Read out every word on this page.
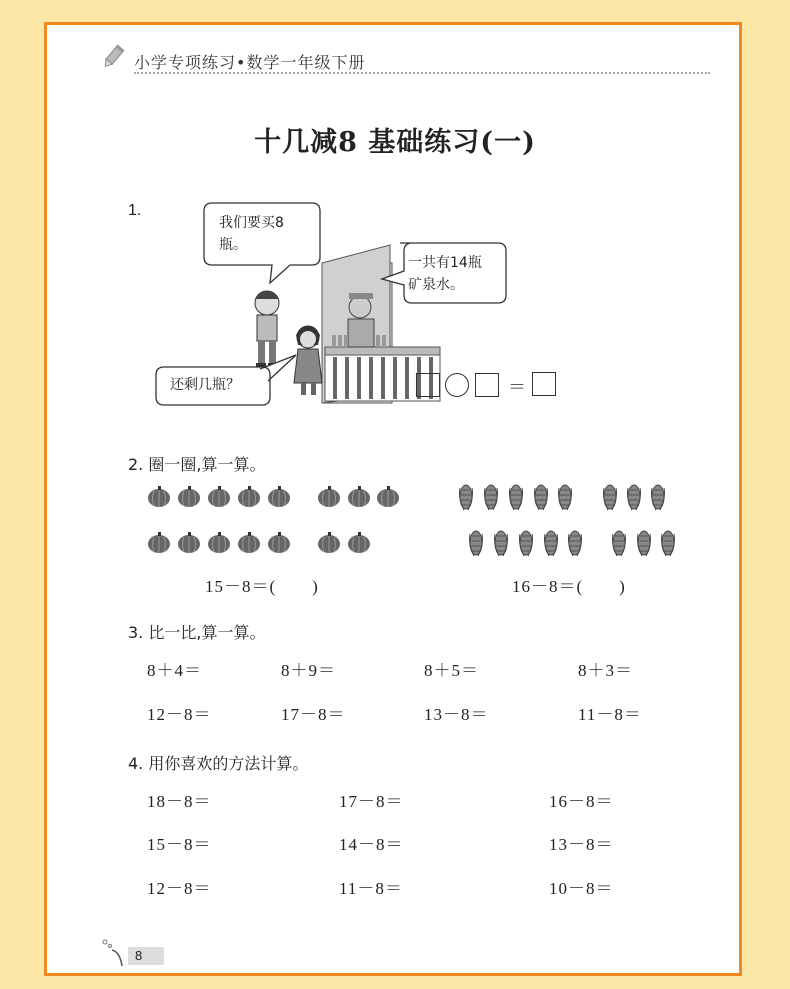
小学专项练习•数学一年级下册
十几减8 基础练习(一)
1.
我们要买8
瓶。
一共有14瓶
矿泉水。
还剩几瓶？	＝
2. 圈一圈,算一算。
15－8＝(　　)	16－8＝(　　)
3. 比一比,算一算。
8＋4＝	8＋9＝	8＋5＝	8＋3＝
12－8＝	17－8＝	13－8＝	11－8＝
4. 用你喜欢的方法计算。
18－8＝	17－8＝	16－8＝
15－8＝	14－8＝	13－8＝
12－8＝	11－8＝	10－8＝
8
